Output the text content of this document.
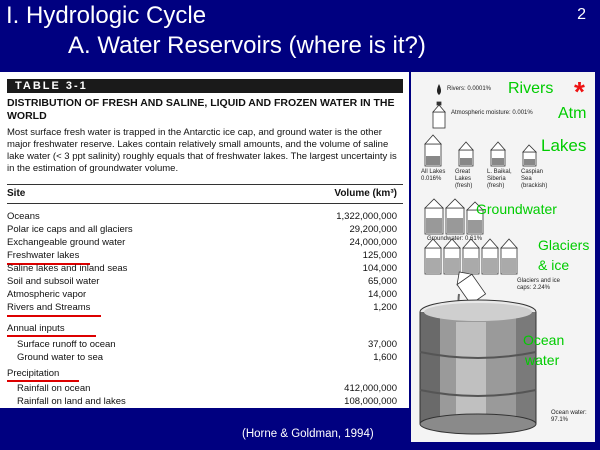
I. Hydrologic Cycle
A. Water Reservoirs (where is it?)
2
TABLE 3-1
DISTRIBUTION OF FRESH AND SALINE, LIQUID AND FROZEN WATER IN THE WORLD
Most surface fresh water is trapped in the Antarctic ice cap, and ground water is the other major freshwater reserve. Lakes contain relatively small amounts, and the volume of saline lake water (< 3 ppt salinity) roughly equals that of freshwater lakes. The largest uncertainty is in the estimation of groundwater volume.
Site	Volume (km³)
Oceans	1,322,000,000
Polar ice caps and all glaciers	29,200,000
Exchangeable ground water	24,000,000
Freshwater lakes	125,000
Saline lakes and inland seas	104,000
Soil and subsoil water	65,000
Atmospheric vapor	14,000
Rivers and Streams	1,200
Annual inputs
Surface runoff to ocean	37,000
Ground water to sea	1,600
Precipitation
Rainfall on ocean	412,000,000
Rainfall on land and lakes	108,000,000
(Horne & Goldman, 1994)
Rivers: 0.0001%
Atmospheric moisture: 0.001%
All Lakes 0.016%
Great Lakes (fresh)
L. Baikal, Siberia (fresh)
Caspian Sea (brackish)
Groundwater: 0.61%
Glaciers and ice caps: 2.24%
Ocean water: 97.1%
Rivers *
Atm
Lakes
Groundwater
Glaciers
& ice
Ocean
water
